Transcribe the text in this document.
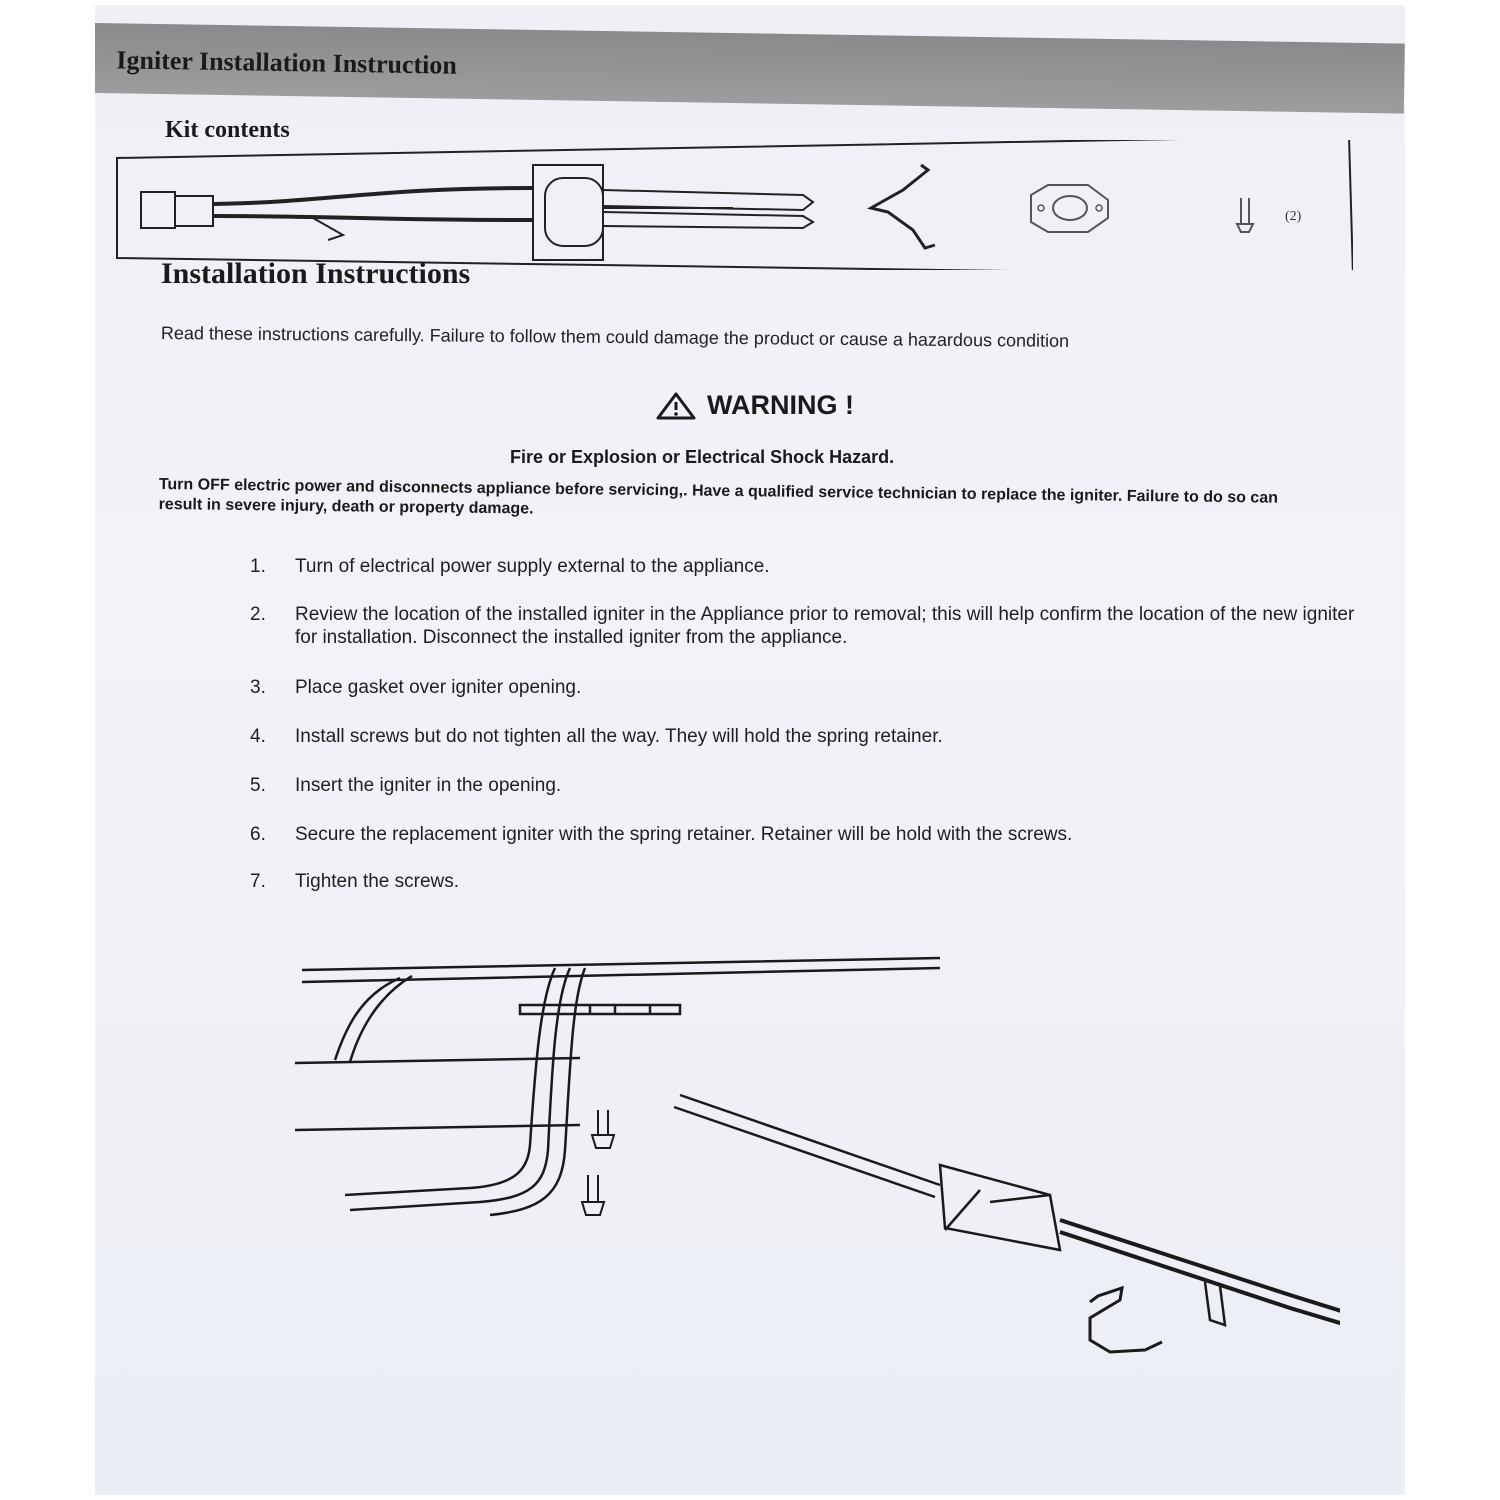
Igniter Installation Instruction
Kit contents
(2)
Installation Instructions

Read these instructions carefully. Failure to follow them could damage the product or cause a hazardous condition

WARNING !

Fire or Explosion or Electrical Shock Hazard.

Turn OFF electric power and disconnects appliance before servicing,. Have a qualified service technician to replace the igniter. Failure to do so can result in severe injury, death or property damage.

1.	Turn of electrical power supply external to the appliance.
2.	Review the location of the installed igniter in the Appliance prior to removal; this will help confirm the location of the new igniter for installation. Disconnect the installed igniter from the appliance.
3.	Place gasket over igniter opening.
4.	Install screws but do not tighten all the way. They will hold the spring retainer.
5.	Insert the igniter in the opening.
6.	Secure the replacement igniter with the spring retainer. Retainer will be hold with the screws.
7.	Tighten the screws.
